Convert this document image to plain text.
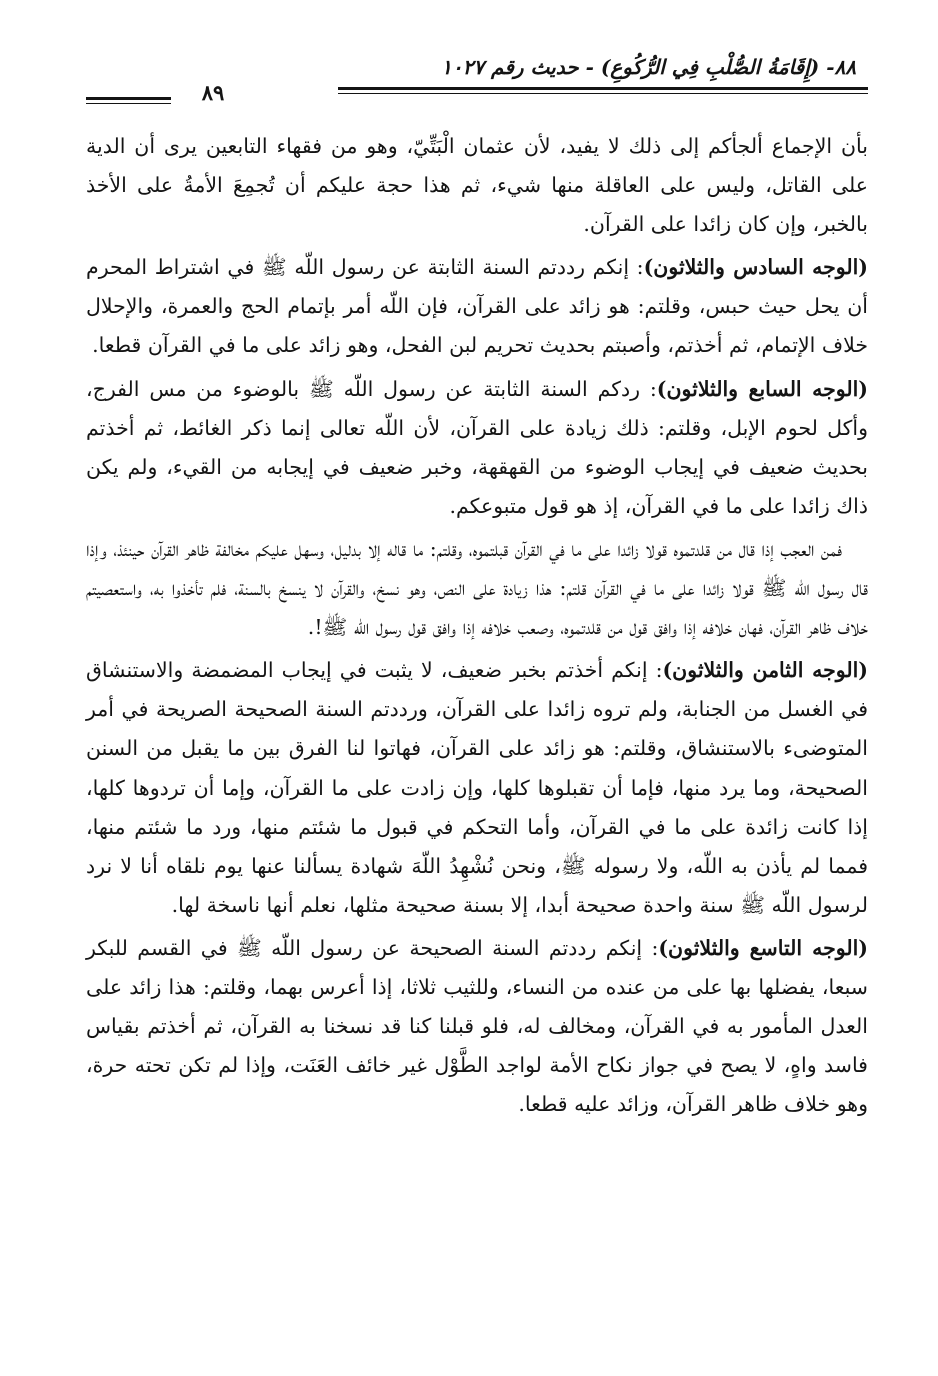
٨٨- (إِقَامَةُ الصُّلْبِ فِي الرُّكُوعِ) - حديث رقم ١٠٢٧
٨٩

بأن الإجماع ألجأكم إلى ذلك لا يفيد، لأن عثمان الْبَتِّيّ، وهو من فقهاء التابعين يرى أن الدية على القاتل، وليس على العاقلة منها شيء، ثم هذا حجة عليكم أن تُجمِعَ الأمةُ على الأخذ بالخبر، وإن كان زائدا على القرآن.

(الوجه السادس والثلاثون): إنكم رددتم السنة الثابتة عن رسول اللّه ﷺ في اشتراط المحرم أن يحل حيث حبس، وقلتم: هو زائد على القرآن، فإن اللّه أمر بإتمام الحج والعمرة، والإحلال خلاف الإتمام، ثم أخذتم، وأصبتم بحديث تحريم لبن الفحل، وهو زائد على ما في القرآن قطعا.

(الوجه السابع والثلاثون): ردكم السنة الثابتة عن رسول اللّه ﷺ بالوضوء من مس الفرج، وأكل لحوم الإبل، وقلتم: ذلك زيادة على القرآن، لأن اللّه تعالى إنما ذكر الغائط، ثم أخذتم بحديث ضعيف في إيجاب الوضوء من القهقهة، وخبر ضعيف في إيجابه من القيء، ولم يكن ذاك زائدا على ما في القرآن، إذ هو قول متبوعكم.

فمن العجب إذا قال من قلدتموه قولا زائدا على ما في القرآن قبلتموه، وقلتم: ما قاله إلا بدليل، وسهل عليكم مخالفة ظاهر القرآن حينئذ، وإذا قال رسول اللّه ﷺ قولا زائدا على ما في القرآن قلتم: هذا زيادة على النص، وهو نسخ، والقرآن لا ينسخ بالسنة، فلم تأخذوا به، واستعصيتم خلاف ظاهر القرآن، فهان خلافه إذا وافق قول من قلدتموه، وصعب خلافه إذا وافق قول رسول اللّه ﷺ!.

(الوجه الثامن والثلاثون): إنكم أخذتم بخبر ضعيف، لا يثبت في إيجاب المضمضة والاستنشاق في الغسل من الجنابة، ولم تروه زائدا على القرآن، ورددتم السنة الصحيحة الصريحة في أمر المتوضىء بالاستنشاق، وقلتم: هو زائد على القرآن، فهاتوا لنا الفرق بين ما يقبل من السنن الصحيحة، وما يرد منها، فإما أن تقبلوها كلها، وإن زادت على ما القرآن، وإما أن تردوها كلها، إذا كانت زائدة على ما في القرآن، وأما التحكم في قبول ما شئتم منها، ورد ما شئتم منها، فمما لم يأذن به اللّه، ولا رسوله ﷺ، ونحن نُشْهِدُ اللّهَ شهادة يسألنا عنها يوم نلقاه أنا لا نرد لرسول اللّه ﷺ سنة واحدة صحيحة أبدا، إلا بسنة صحيحة مثلها، نعلم أنها ناسخة لها.

(الوجه التاسع والثلاثون): إنكم رددتم السنة الصحيحة عن رسول اللّه ﷺ في القسم للبكر سبعا، يفضلها بها على من عنده من النساء، وللثيب ثلاثا، إذا أعرس بهما، وقلتم: هذا زائد على العدل المأمور به في القرآن، ومخالف له، فلو قبلنا كنا قد نسخنا به القرآن، ثم أخذتم بقياس فاسد واهٍ، لا يصح في جواز نكاح الأمة لواجد الطَّوْل غير خائف العَنَت، وإذا لم تكن تحته حرة، وهو خلاف ظاهر القرآن، وزائد عليه قطعا.
